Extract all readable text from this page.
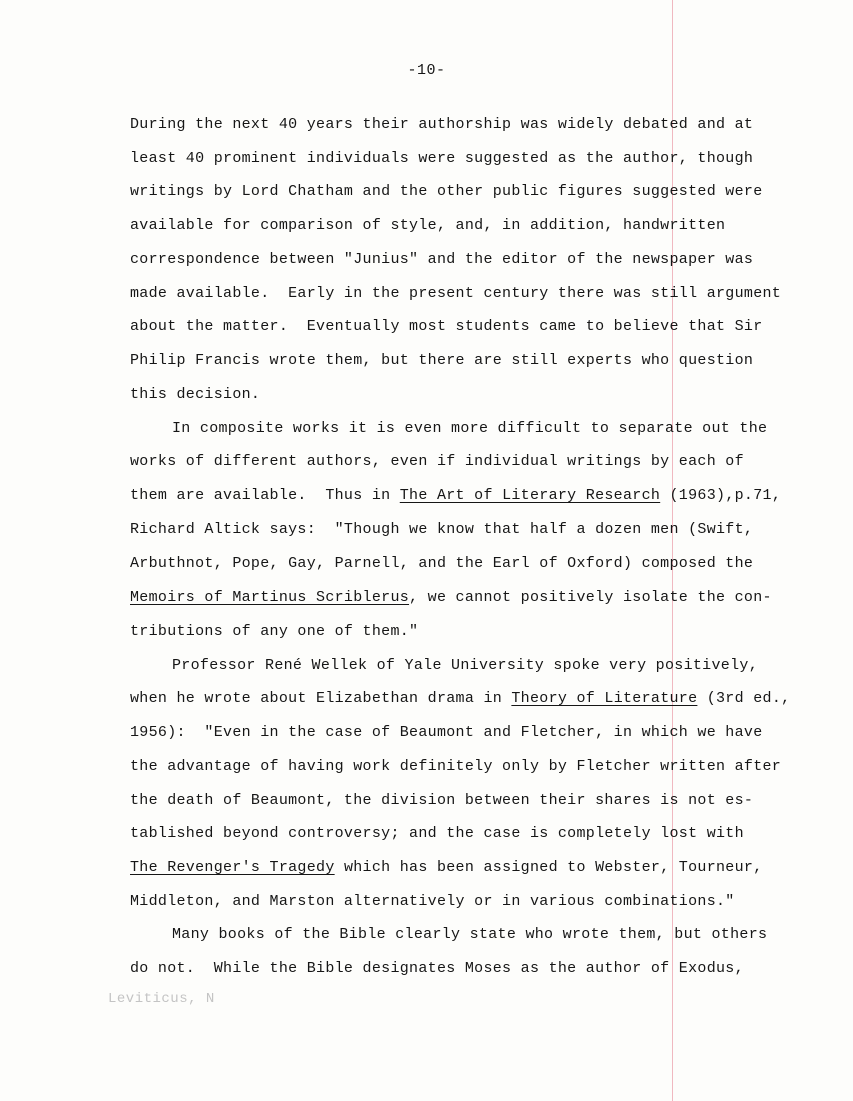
-10-
During the next 40 years their authorship was widely debated and at
least 40 prominent individuals were suggested as the author, though
writings by Lord Chatham and the other public figures suggested were
available for comparison of style, and, in addition, handwritten
correspondence between "Junius" and the editor of the newspaper was
made available.  Early in the present century there was still argument
about the matter.  Eventually most students came to believe that Sir
Philip Francis wrote them, but there are still experts who question
this decision.
In composite works it is even more difficult to separate out the
works of different authors, even if individual writings by each of
them are available.  Thus in The Art of Literary Research (1963),p.71,
Richard Altick says:  "Though we know that half a dozen men (Swift,
Arbuthnot, Pope, Gay, Parnell, and the Earl of Oxford) composed the
Memoirs of Martinus Scriblerus, we cannot positively isolate the con-
tributions of any one of them."
Professor René Wellek of Yale University spoke very positively,
when he wrote about Elizabethan drama in Theory of Literature (3rd ed.,
1956):  "Even in the case of Beaumont and Fletcher, in which we have
the advantage of having work definitely only by Fletcher written after
the death of Beaumont, the division between their shares is not es-
tablished beyond controversy; and the case is completely lost with
The Revenger's Tragedy which has been assigned to Webster, Tourneur,
Middleton, and Marston alternatively or in various combinations."
Many books of the Bible clearly state who wrote them, but others
do not.  While the Bible designates Moses as the author of Exodus,
Leviticus, N
